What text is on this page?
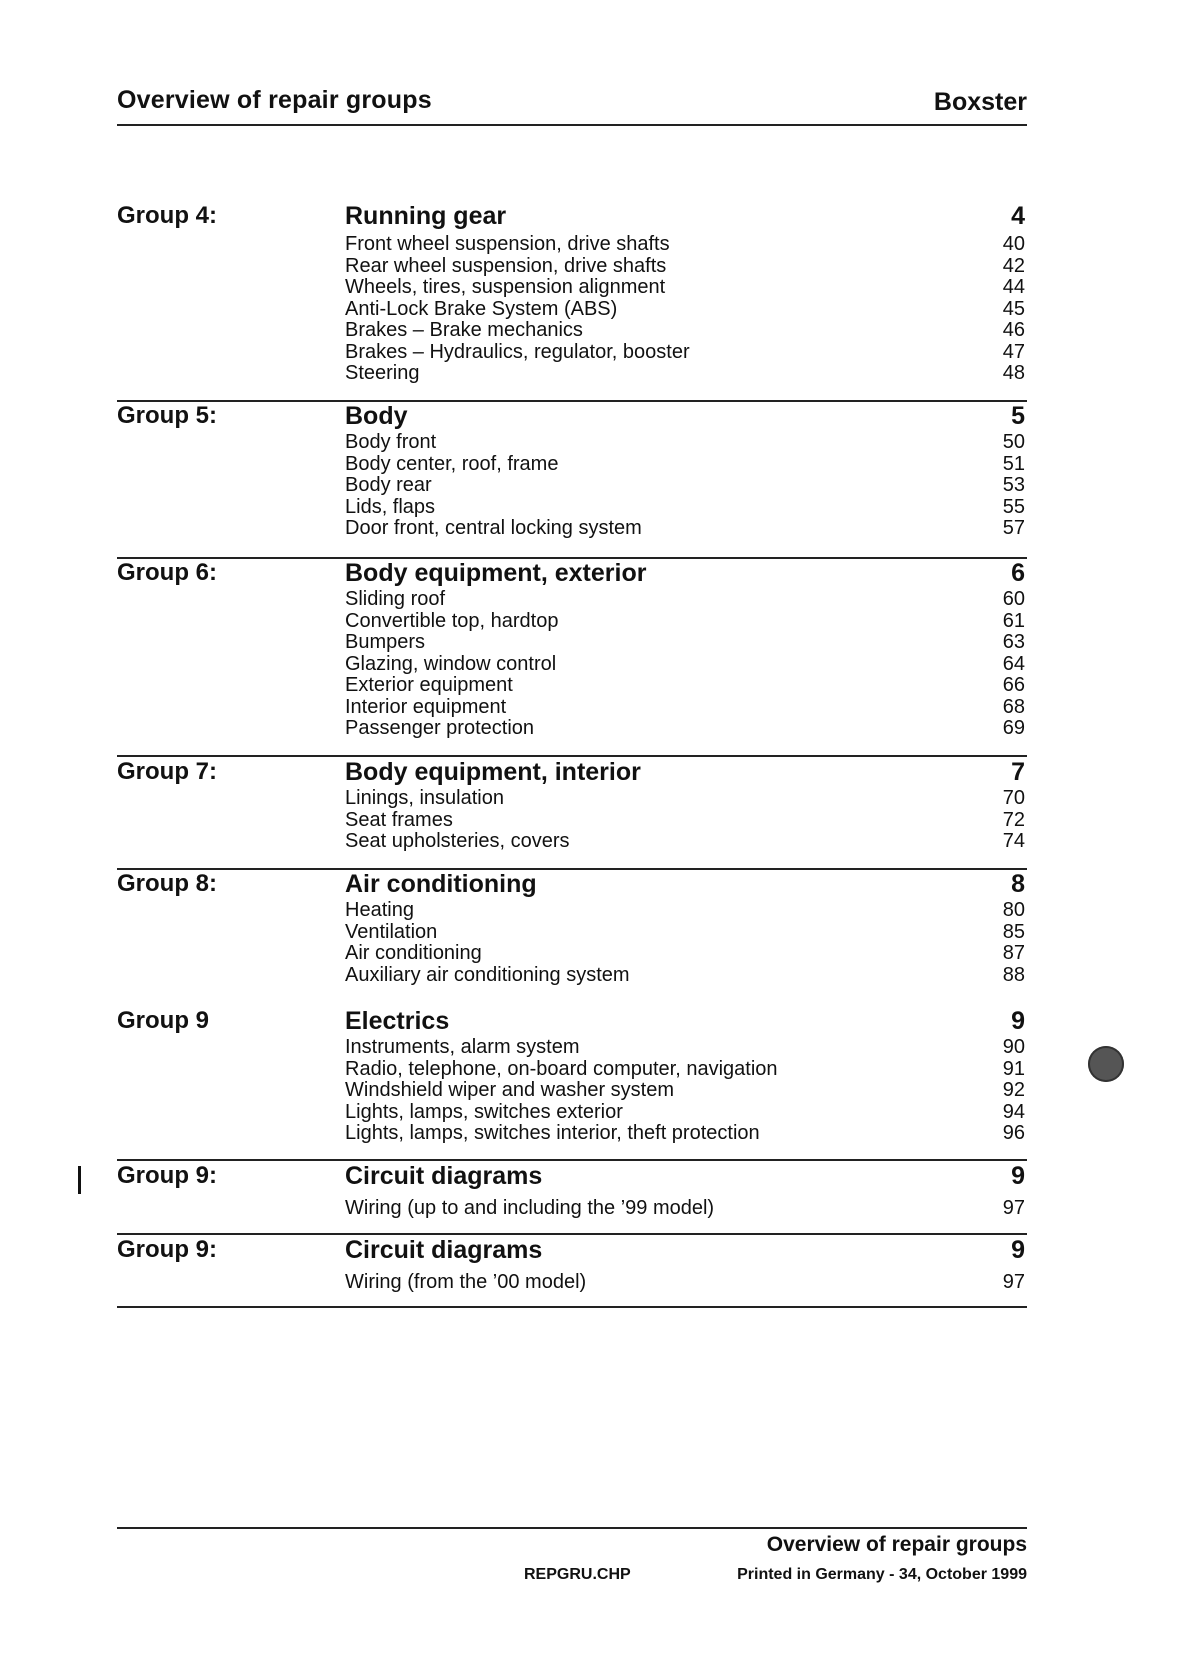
Overview of repair groups	Boxster
Group 4:	Running gear	4
Front wheel suspension, drive shafts	40
Rear wheel suspension, drive shafts	42
Wheels, tires, suspension alignment	44
Anti-Lock Brake System (ABS)	45
Brakes – Brake mechanics	46
Brakes – Hydraulics, regulator, booster	47
Steering	48
Group 5:	Body	5
Body front	50
Body center, roof, frame	51
Body rear	53
Lids, flaps	55
Door front, central locking system	57
Group 6:	Body equipment, exterior	6
Sliding roof	60
Convertible top, hardtop	61
Bumpers	63
Glazing, window control	64
Exterior equipment	66
Interior equipment	68
Passenger protection	69
Group 7:	Body equipment, interior	7
Linings, insulation	70
Seat frames	72
Seat upholsteries, covers	74
Group 8:	Air conditioning	8
Heating	80
Ventilation	85
Air conditioning	87
Auxiliary air conditioning system	88
Group 9	Electrics	9
Instruments, alarm system	90
Radio, telephone, on-board computer, navigation	91
Windshield wiper and washer system	92
Lights, lamps, switches exterior	94
Lights, lamps, switches interior, theft protection	96
Group 9:	Circuit diagrams	9
Wiring (up to and including the ’99 model)	97
Group 9:	Circuit diagrams	9
Wiring (from the ’00 model)	97
Overview of repair groups
REPGRU.CHP	Printed in Germany - 34, October 1999
